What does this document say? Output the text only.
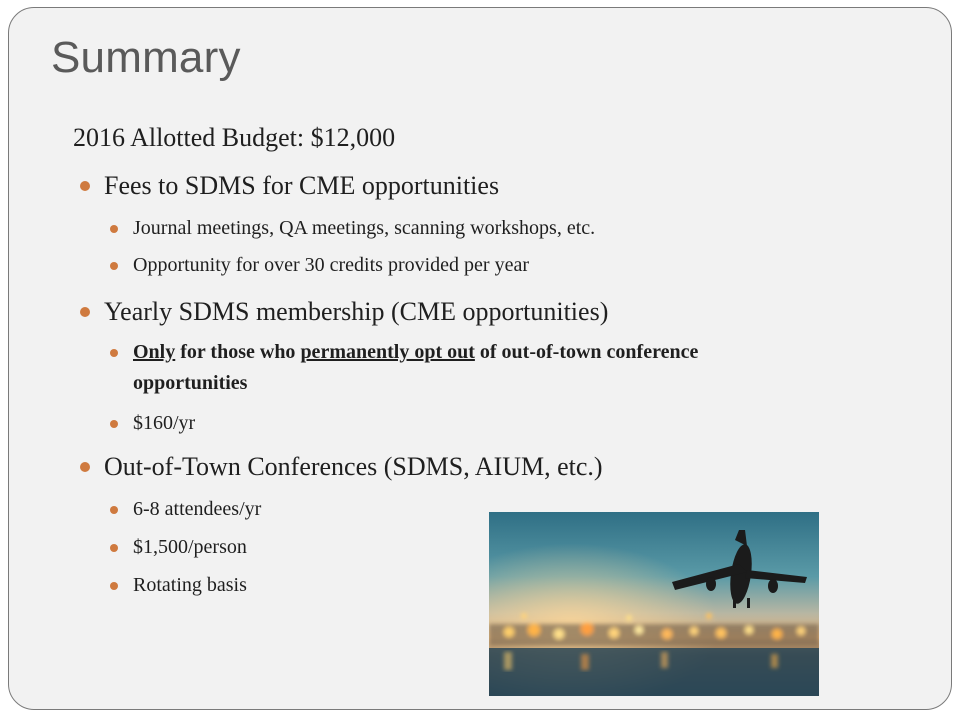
Summary
2016 Allotted Budget: $12,000
Fees to SDMS for CME opportunities
Journal meetings, QA meetings, scanning workshops, etc.
Opportunity for over 30 credits provided per year
Yearly SDMS membership (CME opportunities)
Only for those who permanently opt out of out-of-town conference
opportunities
$160/yr
Out-of-Town Conferences (SDMS, AIUM, etc.)
6-8 attendees/yr
$1,500/person
Rotating basis
